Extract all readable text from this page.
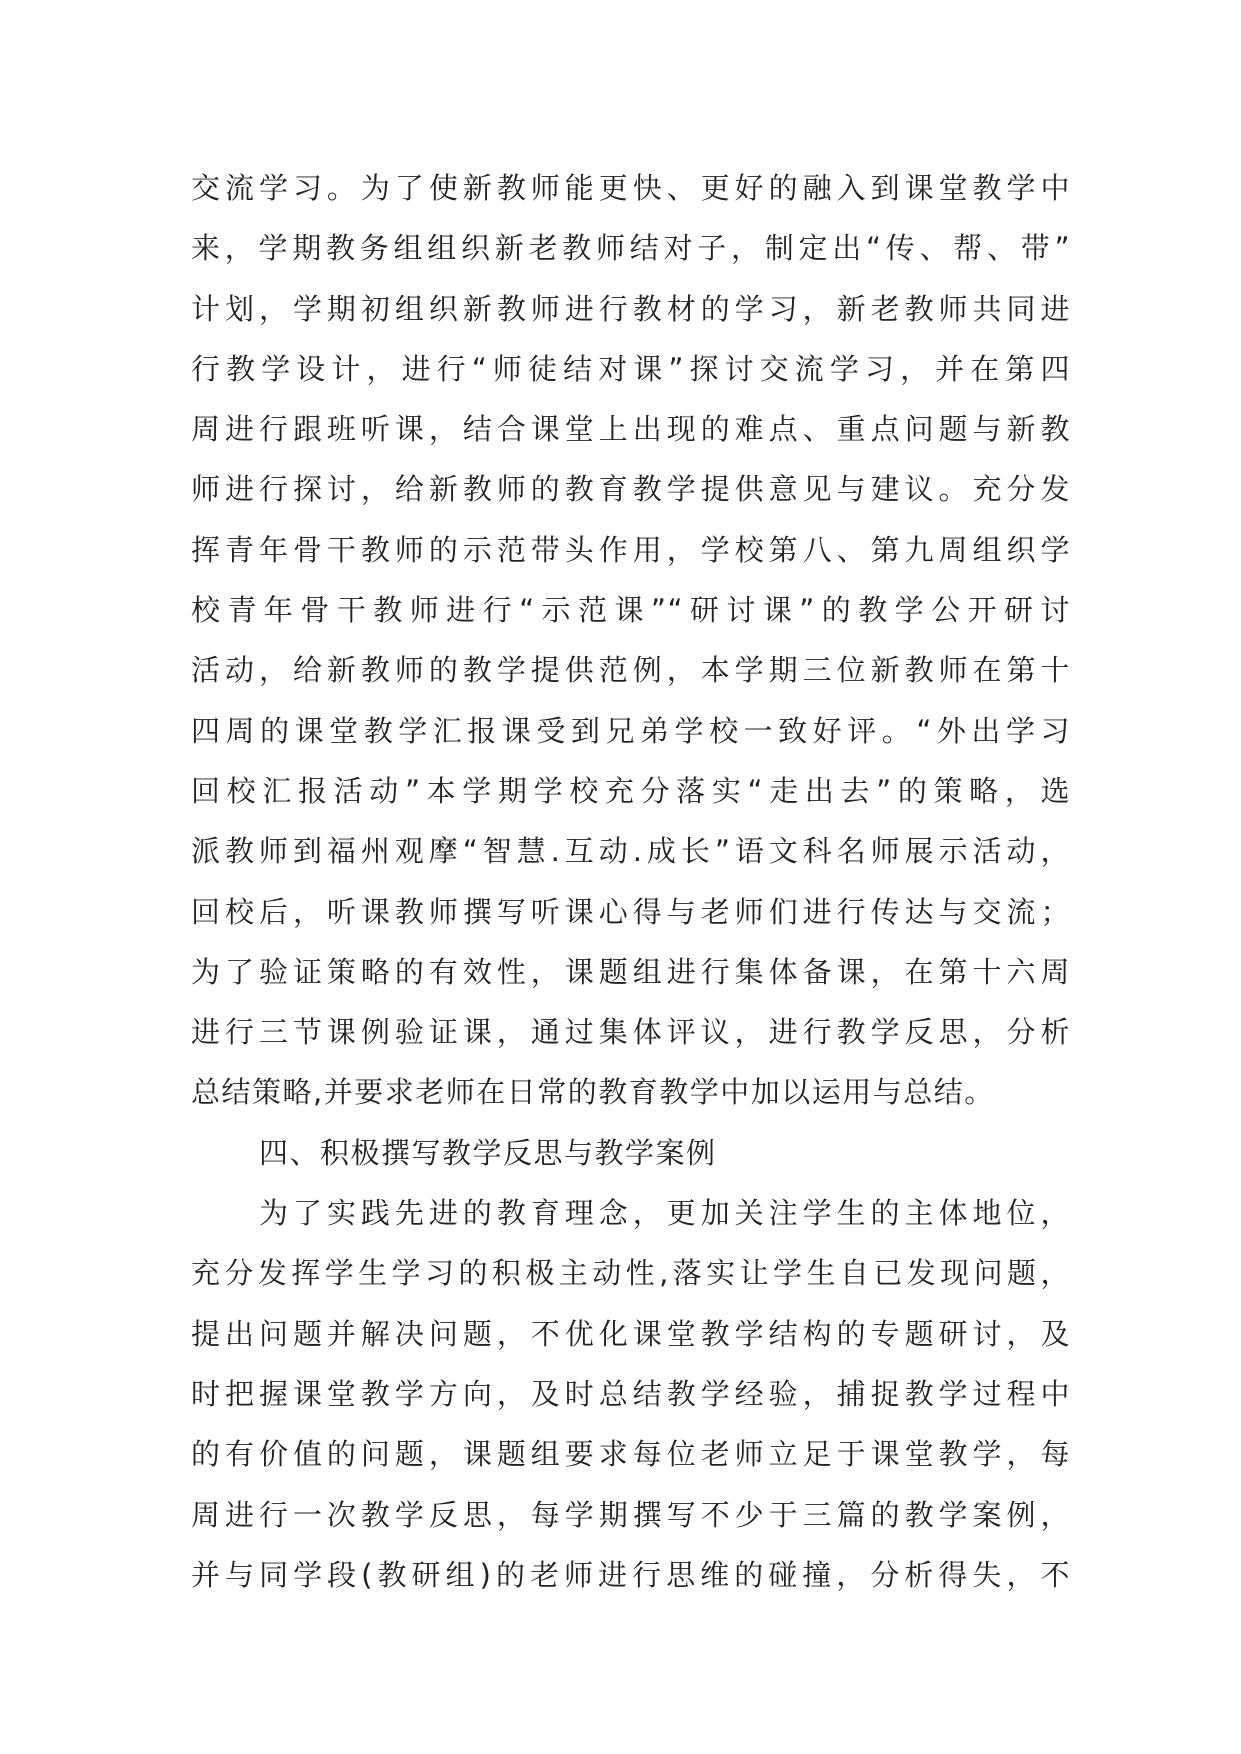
交流学习。为了使新教师能更快、更好的融入到课堂教学中
来，学期教务组组织新老教师结对子，制定出“传、帮、带”
计划，学期初组织新教师进行教材的学习，新老教师共同进
行教学设计，进行“师徒结对课”探讨交流学习，并在第四
周进行跟班听课，结合课堂上出现的难点、重点问题与新教
师进行探讨，给新教师的教育教学提供意见与建议。充分发
挥青年骨干教师的示范带头作用，学校第八、第九周组织学
校青年骨干教师进行“示范课”“研讨课”的教学公开研讨
活动，给新教师的教学提供范例，本学期三位新教师在第十
四周的课堂教学汇报课受到兄弟学校一致好评。“外出学习
回校汇报活动”本学期学校充分落实“走出去”的策略，选
派教师到福州观摩“智慧.互动.成长”语文科名师展示活动，
回校后，听课教师撰写听课心得与老师们进行传达与交流；
为了验证策略的有效性，课题组进行集体备课，在第十六周
进行三节课例验证课，通过集体评议，进行教学反思，分析
总结策略,并要求老师在日常的教育教学中加以运用与总结。
四、积极撰写教学反思与教学案例
为了实践先进的教育理念，更加关注学生的主体地位，
充分发挥学生学习的积极主动性,落实让学生自已发现问题，
提出问题并解决问题，不优化课堂教学结构的专题研讨，及
时把握课堂教学方向，及时总结教学经验，捕捉教学过程中
的有价值的问题，课题组要求每位老师立足于课堂教学，每
周进行一次教学反思，每学期撰写不少于三篇的教学案例，
并与同学段(教研组)的老师进行思维的碰撞，分析得失，不
